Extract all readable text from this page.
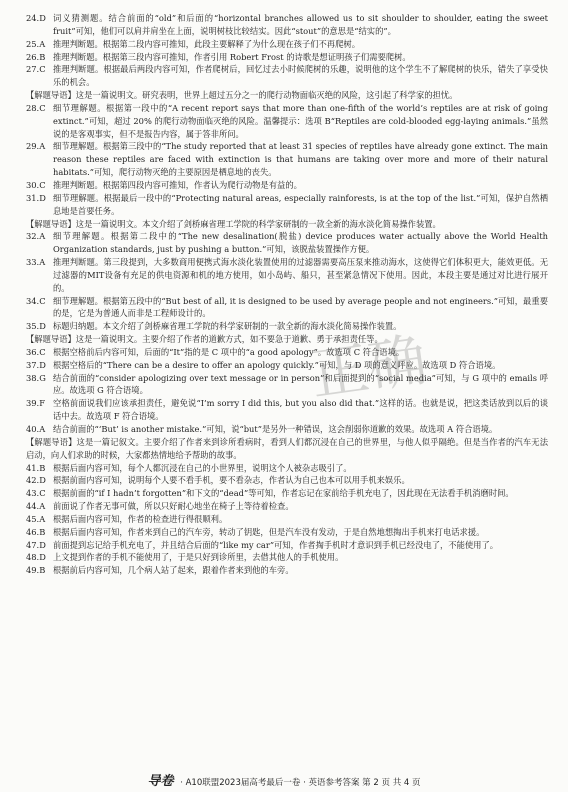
24.D 词义猜测题。结合前面的“old”和后面的“horizontal branches allowed us to sit shoulder to shoulder, eating the sweet fruit”可知，他们可以肩并肩坐在上面，说明树枝比较结实。因此“stout”的意思是“结实的”。
25.A 推理判断题。根据第二段内容可推知，此段主要解释了为什么现在孩子们不再爬树。
26.B 推理判断题。根据第三段内容可推知，作者引用 Robert Frost 的诗歌是想证明孩子们需要爬树。
27.C 推理判断题。根据最后两段内容可知，作者爬树后，回忆过去小时候爬树的乐趣，说明他的这个学生不了解爬树的快乐，错失了享受快乐的机会。
【解题导语】这是一篇说明文。研究表明，世界上超过五分之一的爬行动物面临灭绝的风险，这引起了科学家的担忧。
28.C 细节理解题。根据第一段中的“A recent report says that more than one-fifth of the world’s reptiles are at risk of going extinct.”可知，超过 20% 的爬行动物面临灭绝的风险。温馨提示：选项 B“Reptiles are cold-blooded egg-laying animals.”虽然说的是客观事实，但不是报告内容，属于答非所问。
29.A 细节理解题。根据第三段中的“The study reported that at least 31 species of reptiles have already gone extinct. The main reason these reptiles are faced with extinction is that humans are taking over more and more of their natural habitats.”可知，爬行动物灭绝的主要原因是栖息地的丧失。
30.C 推理判断题。根据第四段内容可推知，作者认为爬行动物是有益的。
31.D 细节理解题。根据最后一段中的“Protecting natural areas, especially rainforests, is at the top of the list.”可知，保护自然栖息地是首要任务。
【解题导语】这是一篇说明文。本文介绍了剑桥麻省理工学院的科学家研制的一款全新的海水淡化简易操作装置。
32.A 细节理解题。根据第二段中的“The new desalination(脱盐) device produces water actually above the World Health Organization standards, just by pushing a button.”可知，该脱盐装置操作方便。
33.A 推理判断题。第三段提到，大多数商用便携式海水淡化装置使用的过滤器需要高压泵来推动海水，这使得它们体积更大，能效更低。无过滤器的MIT设备有充足的供电资源和机的地方使用，如小岛屿、船只，甚至紧急情况下使用。因此，本段主要是通过对比进行展开的。
34.C 细节理解题。根据第五段中的“But best of all, it is designed to be used by average people and not engineers.”可知，最重要的是，它是为普通人而非是工程师设计的。
35.D 标题归纳题。本文介绍了剑桥麻省理工学院的科学家研制的一款全新的海水淡化简易操作装置。
【解题导语】这是一篇说明文。主要介绍了作者的道歉方式，如不要急于道歉、勇于承担责任等。
36.C 根据空格前后内容可知，后面的“It”指的是 C 项中的“a good apology”。故选项 C 符合语境。
37.D 根据空格后的“There can be a desire to offer an apology quickly.”可知，与 D 项的意义呼应。故选项 D 符合语境。
38.G 结合前面的“consider apologizing over text message or in person”和后面提到的“social media”可知，与 G 项中的 emails 呼应。故选项 G 符合语境。
39.F 空格前面说我们应该承担责任，避免说“I’m sorry I did this, but you also did that.”这样的话。也就是说，把这类话放到以后的谈话中去。故选项 F 符合语境。
40.A 结合前面的“‘But’ is another mistake.”可知，说“but”是另外一种错误，这会削弱你道歉的效果。故选项 A 符合语境。
【解题导语】这是一篇记叙文。主要介绍了作者来到诊所看病时，看到人们都沉浸在自己的世界里，与他人似乎隔绝。但是当作者的汽车无法启动，向人们求助的时候，大家都热情地给予帮助的故事。
41.B 根据后面内容可知，每个人都沉浸在自己的小世界里，说明这个人被杂志吸引了。
42.D 根据前面内容可知，说明每个人要不看手机，要不看杂志，作者认为自己也本可以用手机来娱乐。
43.C 根据前面的“if I hadn’t forgotten”和下文的“dead”等可知，作者忘记在家前给手机充电了，因此现在无法看手机消磨时间。
44.A 前面说了作者无事可做，所以只好耐心地坐在椅子上等待着检查。
45.A 根据后面内容可知，作者的检查进行得很顺利。
46.B 根据后面内容可知，作者来到自己的汽车旁，转动了钥匙，但是汽车没有发动，于是自然地想掏出手机来打电话求援。
47.D 前面提到忘记给手机充电了，并且结合后面的“like my car”可知，作者掏手机时才意识到手机已经没电了，不能使用了。
48.D 上文提到作者的手机不能使用了，于是只好到诊所里，去借其他人的手机使用。
49.B 根据前后内容可知，几个病人站了起来，跟着作者来到他的车旁。
正确
导卷 · A10联盟2023届高考最后一卷 · 英语参考答案 第 2 页 共 4 页
